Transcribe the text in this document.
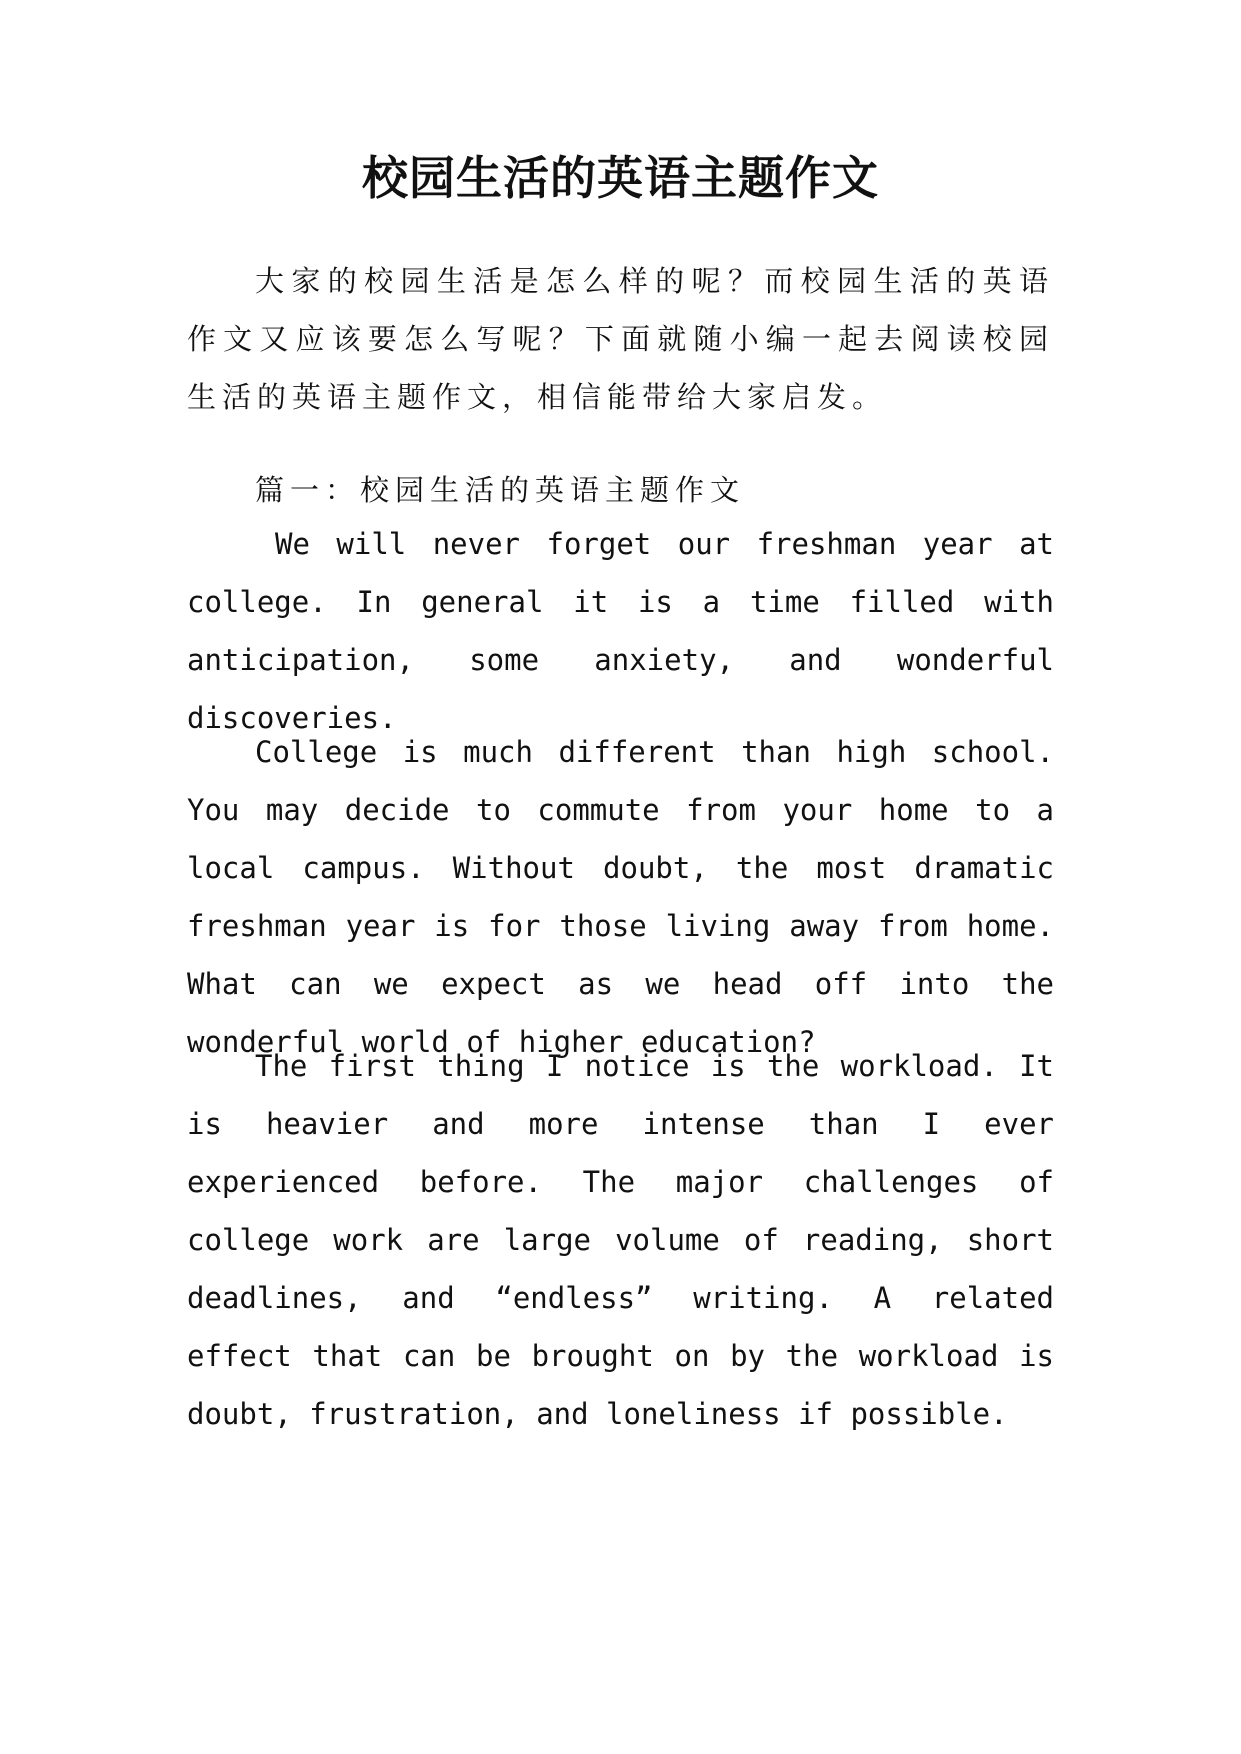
校园生活的英语主题作文

大家的校园生活是怎么样的呢？而校园生活的英语作文又应该要怎么写呢？下面就随小编一起去阅读校园生活的英语主题作文，相信能带给大家启发。

篇一：校园生活的英语主题作文

We will never forget our freshman year at college. In general it is a time filled with anticipation, some anxiety, and wonderful discoveries.

College is much different than high school. You may decide to commute from your home to a local campus. Without doubt, the most dramatic freshman year is for those living away from home. What can we expect as we head off into the wonderful world of higher education?

The first thing I notice is the workload. It is heavier and more intense than I ever experienced before. The major challenges of college work are large volume of reading, short deadlines, and “endless” writing. A related effect that can be brought on by the workload is doubt, frustration, and loneliness if possible.
